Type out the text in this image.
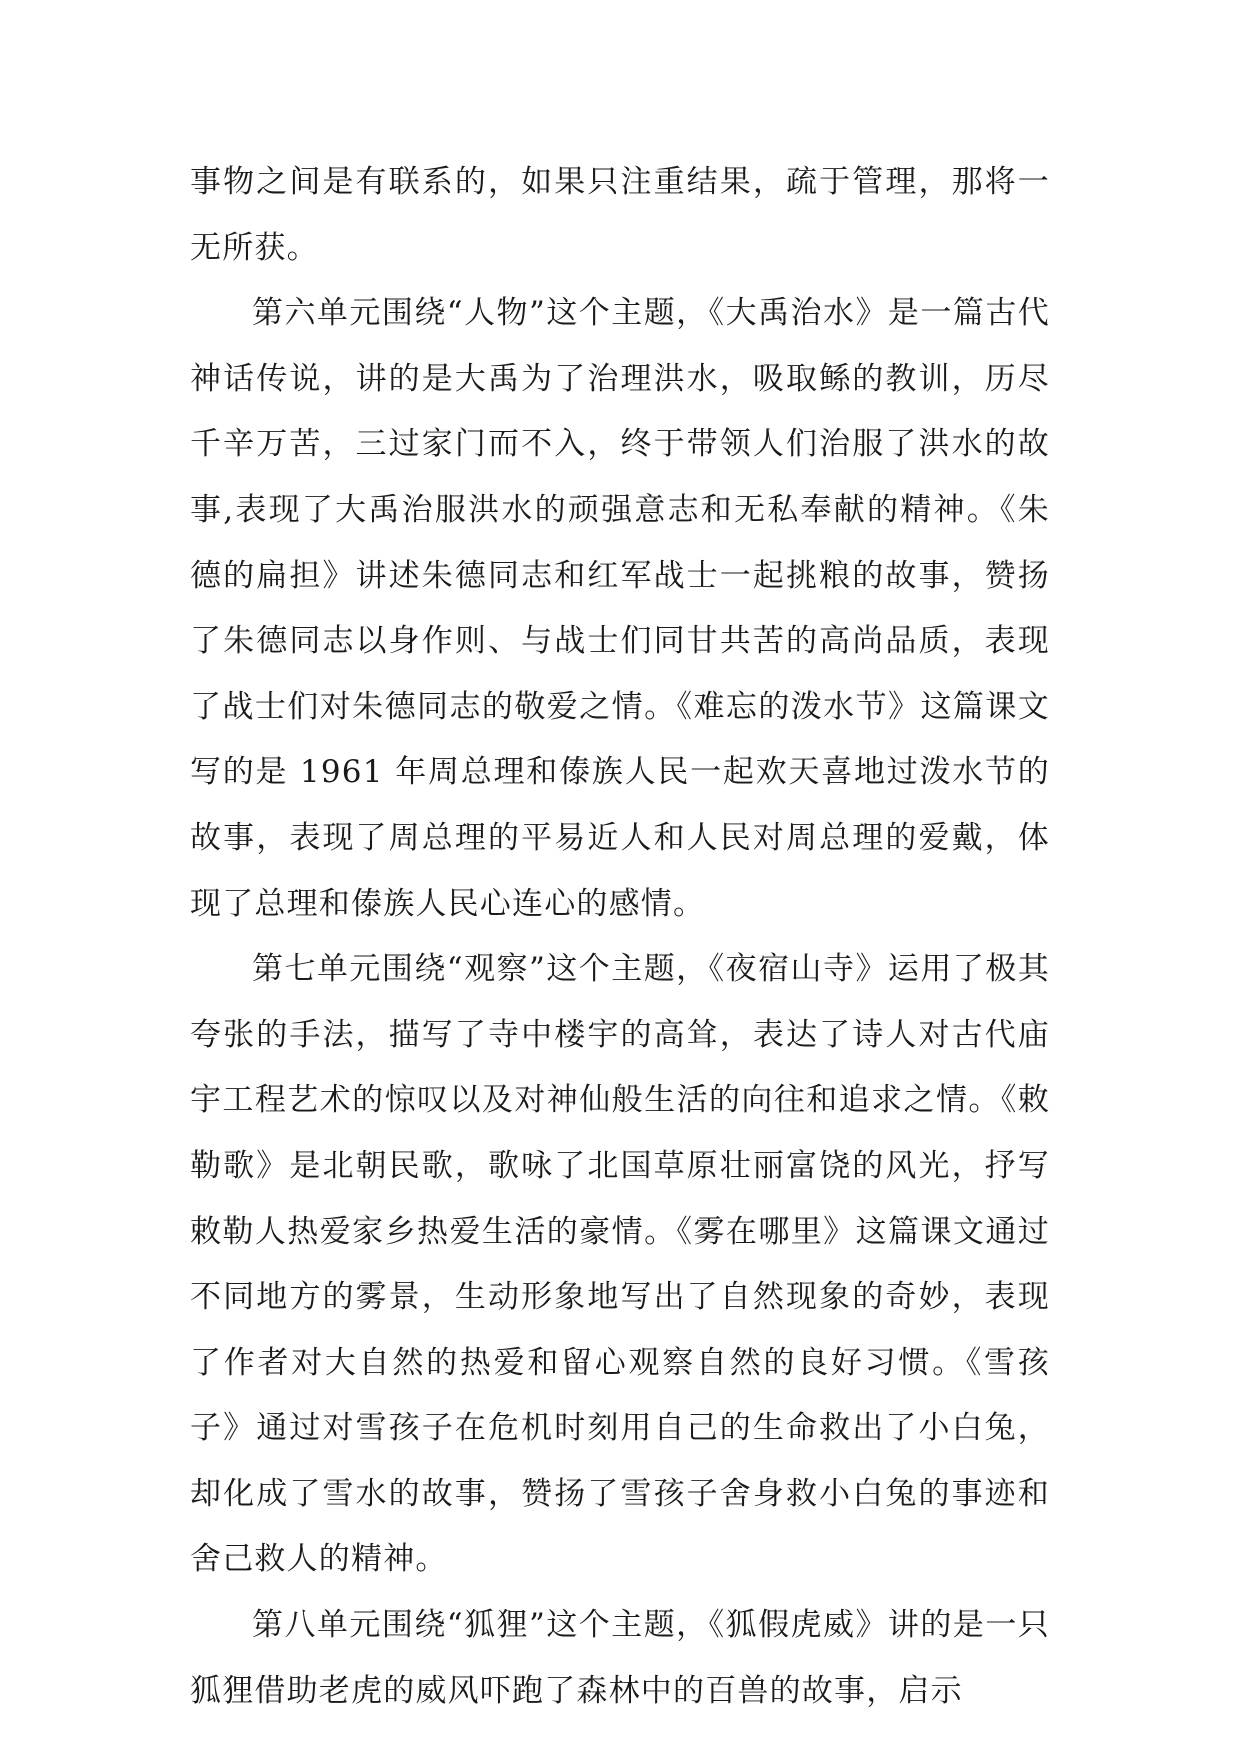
事物之间是有联系的，如果只注重结果，疏于管理，那将一无所获。

第六单元围绕“人物”这个主题，《大禹治水》是一篇古代神话传说，讲的是大禹为了治理洪水，吸取鲧的教训，历尽千辛万苦，三过家门而不入，终于带领人们治服了洪水的故事,表现了大禹治服洪水的顽强意志和无私奉献的精神。《朱德的扁担》讲述朱德同志和红军战士一起挑粮的故事，赞扬了朱德同志以身作则、与战士们同甘共苦的高尚品质，表现了战士们对朱德同志的敬爱之情。《难忘的泼水节》这篇课文写的是 1961 年周总理和傣族人民一起欢天喜地过泼水节的故事，表现了周总理的平易近人和人民对周总理的爱戴，体现了总理和傣族人民心连心的感情。

第七单元围绕“观察”这个主题，《夜宿山寺》运用了极其夸张的手法，描写了寺中楼宇的高耸，表达了诗人对古代庙宇工程艺术的惊叹以及对神仙般生活的向往和追求之情。《敕勒歌》是北朝民歌，歌咏了北国草原壮丽富饶的风光，抒写敕勒人热爱家乡热爱生活的豪情。《雾在哪里》这篇课文通过不同地方的雾景，生动形象地写出了自然现象的奇妙，表现了作者对大自然的热爱和留心观察自然的良好习惯。《雪孩子》通过对雪孩子在危机时刻用自己的生命救出了小白兔，却化成了雪水的故事，赞扬了雪孩子舍身救小白兔的事迹和舍己救人的精神。

第八单元围绕“狐狸”这个主题，《狐假虎威》讲的是一只狐狸借助老虎的威风吓跑了森林中的百兽的故事，启示
